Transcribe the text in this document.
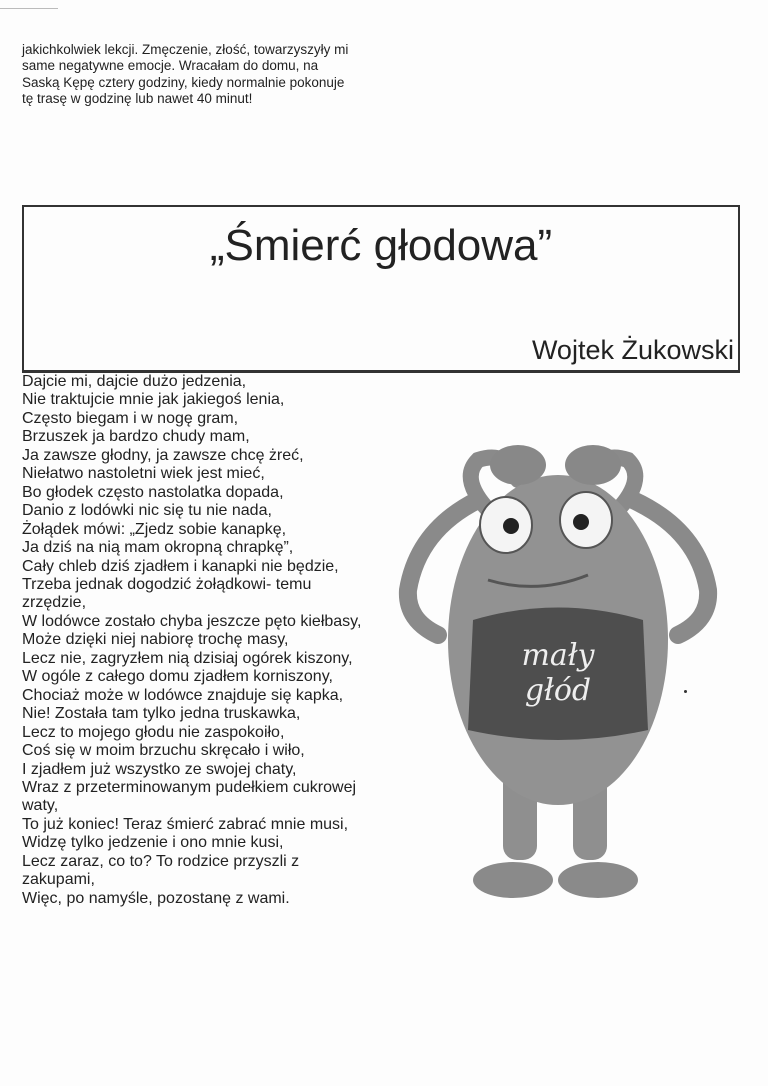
jakichkolwiek lekcji. Zmęczenie, złość, towarzyszyły mi
same negatywne emocje. Wracałam do domu, na
Saską Kępę cztery godziny, kiedy normalnie pokonuje
tę trasę w godzinę lub nawet 40 minut!
„Śmierć głodowa”
Wojtek Żukowski
Dajcie mi, dajcie dużo jedzenia,
Nie traktujcie mnie jak jakiegoś lenia,
Często biegam i w nogę gram,
Brzuszek ja bardzo chudy mam,
Ja zawsze głodny, ja zawsze chcę żreć,
Niełatwo nastoletni wiek jest mieć,
Bo głodek często nastolatka dopada,
Danio z lodówki nic się tu nie nada,
Żołądek mówi: „Zjedz sobie kanapkę,
Ja dziś na nią mam okropną chrapkę”,
Cały chleb dziś zjadłem i kanapki nie będzie,
Trzeba jednak dogodzić żołądkowi- temu
zrzędzie,
W lodówce zostało chyba jeszcze pęto kiełbasy,
Może dzięki niej nabiorę trochę masy,
Lecz nie, zagryzłem nią dzisiaj ogórek kiszony,
W ogóle z całego domu zjadłem korniszony,
Chociaż może w lodówce znajduje się kapka,
Nie! Została tam tylko jedna truskawka,
Lecz to mojego głodu nie zaspokoiło,
Coś się w moim brzuchu skręcało i wiło,
I zjadłem już wszystko ze swojej chaty,
Wraz z przeterminowanym pudełkiem cukrowej
waty,
To już koniec! Teraz śmierć zabrać mnie musi,
Widzę tylko jedzenie i ono mnie kusi,
Lecz zaraz, co to? To rodzice przyszli z
zakupami,
Więc, po namyśle, pozostanę z wami.
mały
głód
